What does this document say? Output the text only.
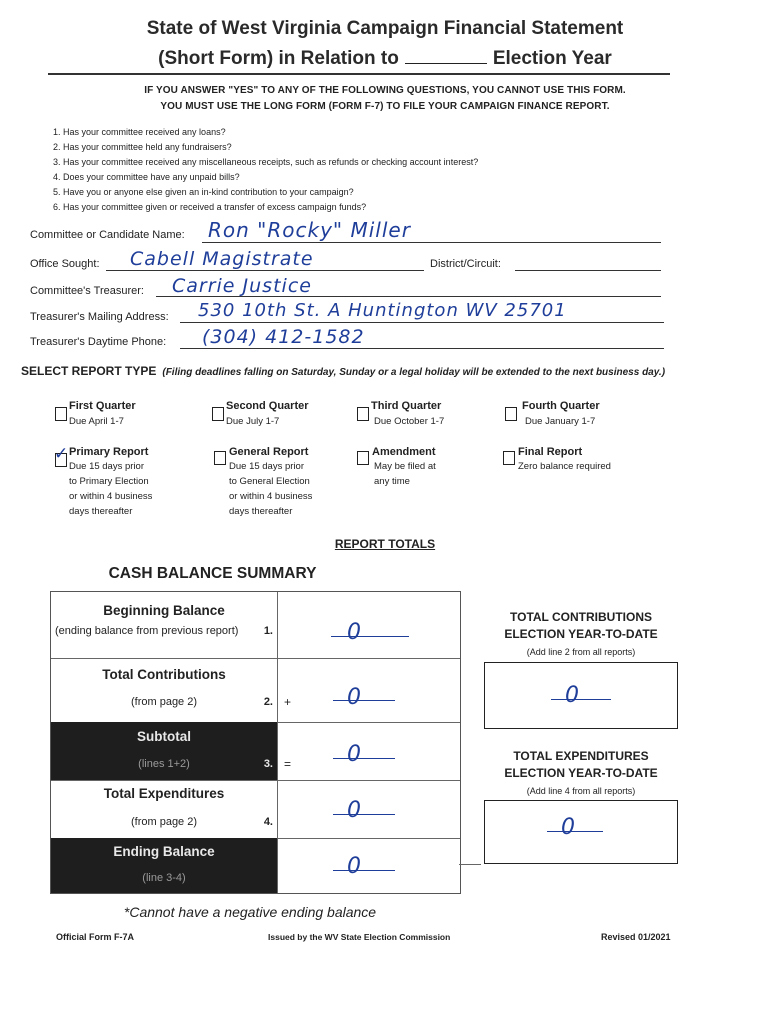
State of West Virginia Campaign Financial Statement
(Short Form) in Relation to	Election Year
IF YOU ANSWER "YES" TO ANY OF THE FOLLOWING QUESTIONS, YOU CANNOT USE THIS FORM.
YOU MUST USE THE LONG FORM (FORM F-7) TO FILE YOUR CAMPAIGN FINANCE REPORT.
1. Has your committee received any loans?
2. Has your committee held any fundraisers?
3. Has your committee received any miscellaneous receipts, such as refunds or checking account interest?
4. Does your committee have any unpaid bills?
5. Have you or anyone else given an in-kind contribution to your campaign?
6. Has your committee given or received a transfer of excess campaign funds?
Committee or Candidate Name: Ron "Rocky" Miller
Office Sought: Cabell Magistrate	District/Circuit:
Committee's Treasurer: Carrie Justice
Treasurer's Mailing Address: 530 10th St. A Huntington WV 25701
Treasurer's Daytime Phone: (304) 412-1582
SELECT REPORT TYPE (Filing deadlines falling on Saturday, Sunday or a legal holiday will be extended to the next business day.)
First Quarter
Due April 1-7
Second Quarter
Due July 1-7
Third Quarter
Due October 1-7
Fourth Quarter
Due January 1-7
✓ Primary Report
Due 15 days prior
to Primary Election
or within 4 business
days thereafter
General Report
Due 15 days prior
to General Election
or within 4 business
days thereafter
Amendment
May be filed at
any time
Final Report
Zero balance required
REPORT TOTALS
CASH BALANCE SUMMARY
Beginning Balance
(ending balance from previous report)	1.	0
Total Contributions
(from page 2)	2. +	0
Subtotal
(lines 1+2)	3. =	0
Total Expenditures
(from page 2)	4.	0
Ending Balance
(line 3-4)	0
TOTAL CONTRIBUTIONS
ELECTION YEAR-TO-DATE
(Add line 2 from all reports)
0
TOTAL EXPENDITURES
ELECTION YEAR-TO-DATE
(Add line 4 from all reports)
0
*Cannot have a negative ending balance
Official Form F-7A	Issued by the WV State Election Commission	Revised 01/2021
